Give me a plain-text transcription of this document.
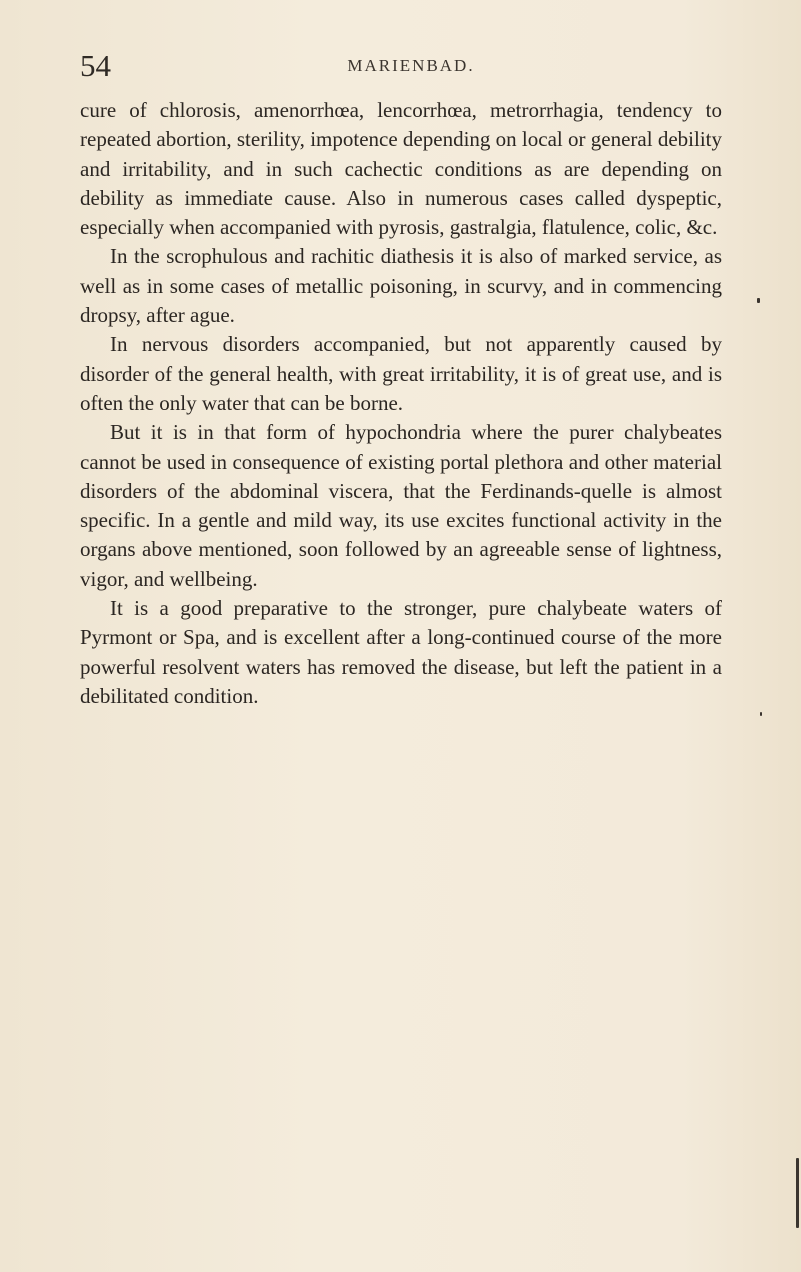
54	MARIENBAD.

cure of chlorosis, amenorrhœa, lencorrhœa, metrorrhagia, tendency to repeated abortion, sterility, impotence depending on local or general debility and irritability, and in such cachectic conditions as are depending on debility as immediate cause. Also in numerous cases called dyspeptic, especially when accompanied with pyrosis, gastralgia, flatulence, colic, &c.

In the scrophulous and rachitic diathesis it is also of marked service, as well as in some cases of metallic poisoning, in scurvy, and in commencing dropsy, after ague.

In nervous disorders accompanied, but not apparently caused by disorder of the general health, with great irritability, it is of great use, and is often the only water that can be borne.

But it is in that form of hypochondria where the purer chalybeates cannot be used in consequence of existing portal plethora and other material disorders of the abdominal viscera, that the Ferdinands-quelle is almost specific. In a gentle and mild way, its use excites functional activity in the organs above mentioned, soon followed by an agreeable sense of lightness, vigor, and wellbeing.

It is a good preparative to the stronger, pure chalybeate waters of Pyrmont or Spa, and is excellent after a long-continued course of the more powerful resolvent waters has removed the disease, but left the patient in a debilitated condition.
